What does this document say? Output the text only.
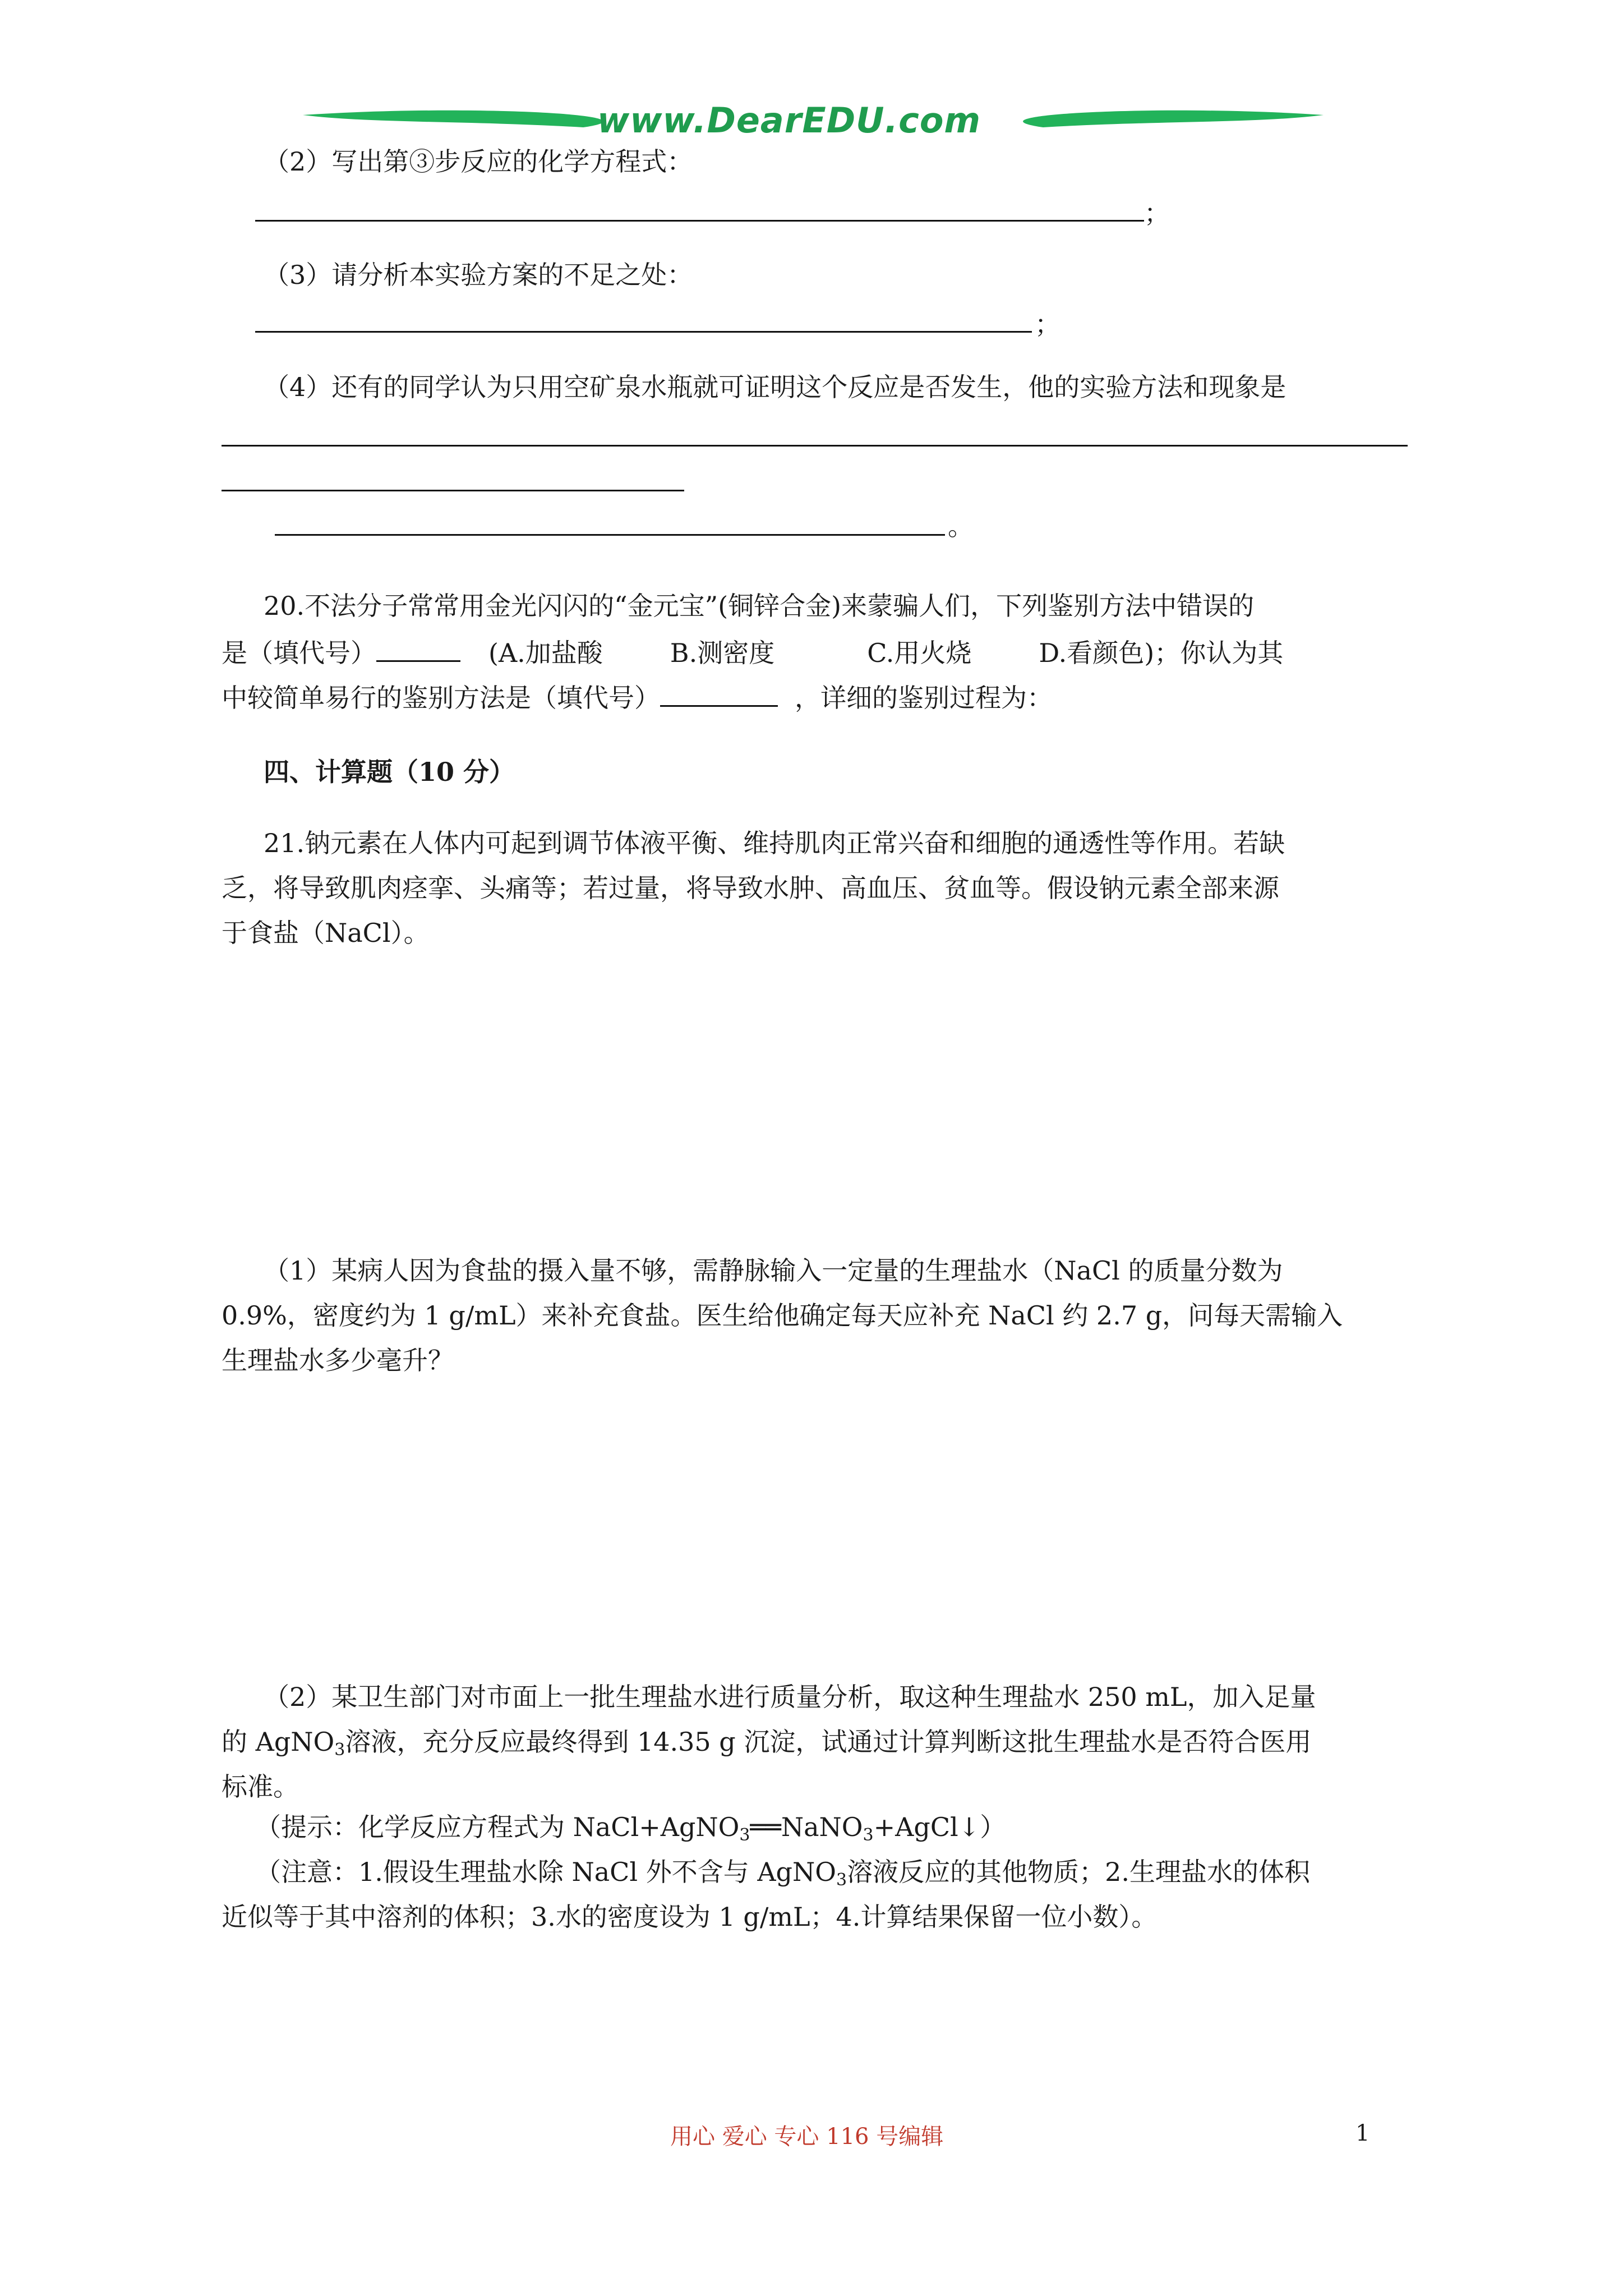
www.DearEDU.com
（2）写出第③步反应的化学方程式：
；
（3）请分析本实验方案的不足之处：
；
（4）还有的同学认为只用空矿泉水瓶就可证明这个反应是否发生，他的实验方法和现象是
。
20.不法分子常常用金光闪闪的“金元宝”(铜锌合金)来蒙骗人们，下列鉴别方法中错误的
是（填代号）	(A.加盐酸	B.测密度	C.用火烧	D.看颜色)；你认为其
中较简单易行的鉴别方法是（填代号）	，详细的鉴别过程为：
四、计算题（10 分）
21.钠元素在人体内可起到调节体液平衡、维持肌肉正常兴奋和细胞的通透性等作用。若缺
乏，将导致肌肉痉挛、头痛等；若过量，将导致水肿、高血压、贫血等。假设钠元素全部来源
于食盐（NaCl）。
（1）某病人因为食盐的摄入量不够，需静脉输入一定量的生理盐水（NaCl 的质量分数为
0.9%，密度约为 1 g/mL）来补充食盐。医生给他确定每天应补充 NaCl 约 2.7 g，问每天需输入
生理盐水多少毫升？
（2）某卫生部门对市面上一批生理盐水进行质量分析，取这种生理盐水 250 mL，加入足量
的 AgNO$_3$溶液，充分反应最终得到 14.35 g 沉淀，试通过计算判断这批生理盐水是否符合医用
标准。
（提示：化学反应方程式为 NaCl+AgNO$_3$══NaNO$_3$+AgCl↓）
（注意：1.假设生理盐水除 NaCl 外不含与 AgNO$_3$溶液反应的其他物质；2.生理盐水的体积
近似等于其中溶剂的体积；3.水的密度设为 1 g/mL；4.计算结果保留一位小数）。
用心 爱心 专心 116 号编辑	1
